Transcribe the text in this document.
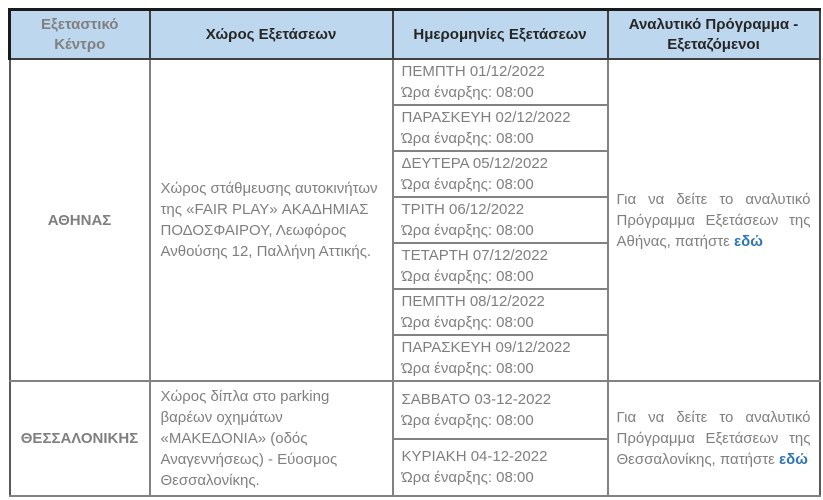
Εξεταστικό Κέντρο	Χώρος Εξετάσεων	Ημερομηνίες Εξετάσεων	Αναλυτικό Πρόγραμμα - Εξεταζόμενοι
ΑΘΗΝΑΣ	Χώρος στάθμευσης αυτοκινήτων της «FAIR PLAY» ΑΚΑΔΗΜΙΑΣ ΠΟΔΟΣΦΑΙΡΟΥ, Λεωφόρος Ανθούσης 12, Παλλήνη Αττικής.	ΠΕΜΠΤΗ 01/12/2022
Ώρα έναρξης: 08:00	Για να δείτε το αναλυτικό Πρόγραμμα Εξετάσεων της Αθήνας, πατήστε εδώ

		ΠΑΡΑΣΚΕΥΗ 02/12/2022
Ώρα έναρξης: 08:00	

		ΔΕΥΤΕΡΑ 05/12/2022
Ώρα έναρξης: 08:00	

		ΤΡΙΤΗ 06/12/2022
Ώρα έναρξης: 08:00	

		ΤΕΤΑΡΤΗ 07/12/2022
Ώρα έναρξης: 08:00	

		ΠΕΜΠΤΗ 08/12/2022
Ώρα έναρξης: 08:00	

		ΠΑΡΑΣΚΕΥΗ 09/12/2022
Ώρα έναρξης: 08:00	

ΘΕΣΣΑΛΟΝΙΚΗΣ	Χώρος δίπλα στο parking βαρέων οχημάτων «ΜΑΚΕΔΟΝΙΑ» (οδός Αναγεννήσεως) - Εύοσμος Θεσσαλονίκης.	ΣΑΒΒΑΤΟ 03-12-2022
Ώρα έναρξης: 08:00	Για να δείτε το αναλυτικό Πρόγραμμα Εξετάσεων της Θεσσαλονίκης, πατήστε εδώ

		ΚΥΡΙΑΚΗ 04-12-2022
Ώρα έναρξης: 08:00	
